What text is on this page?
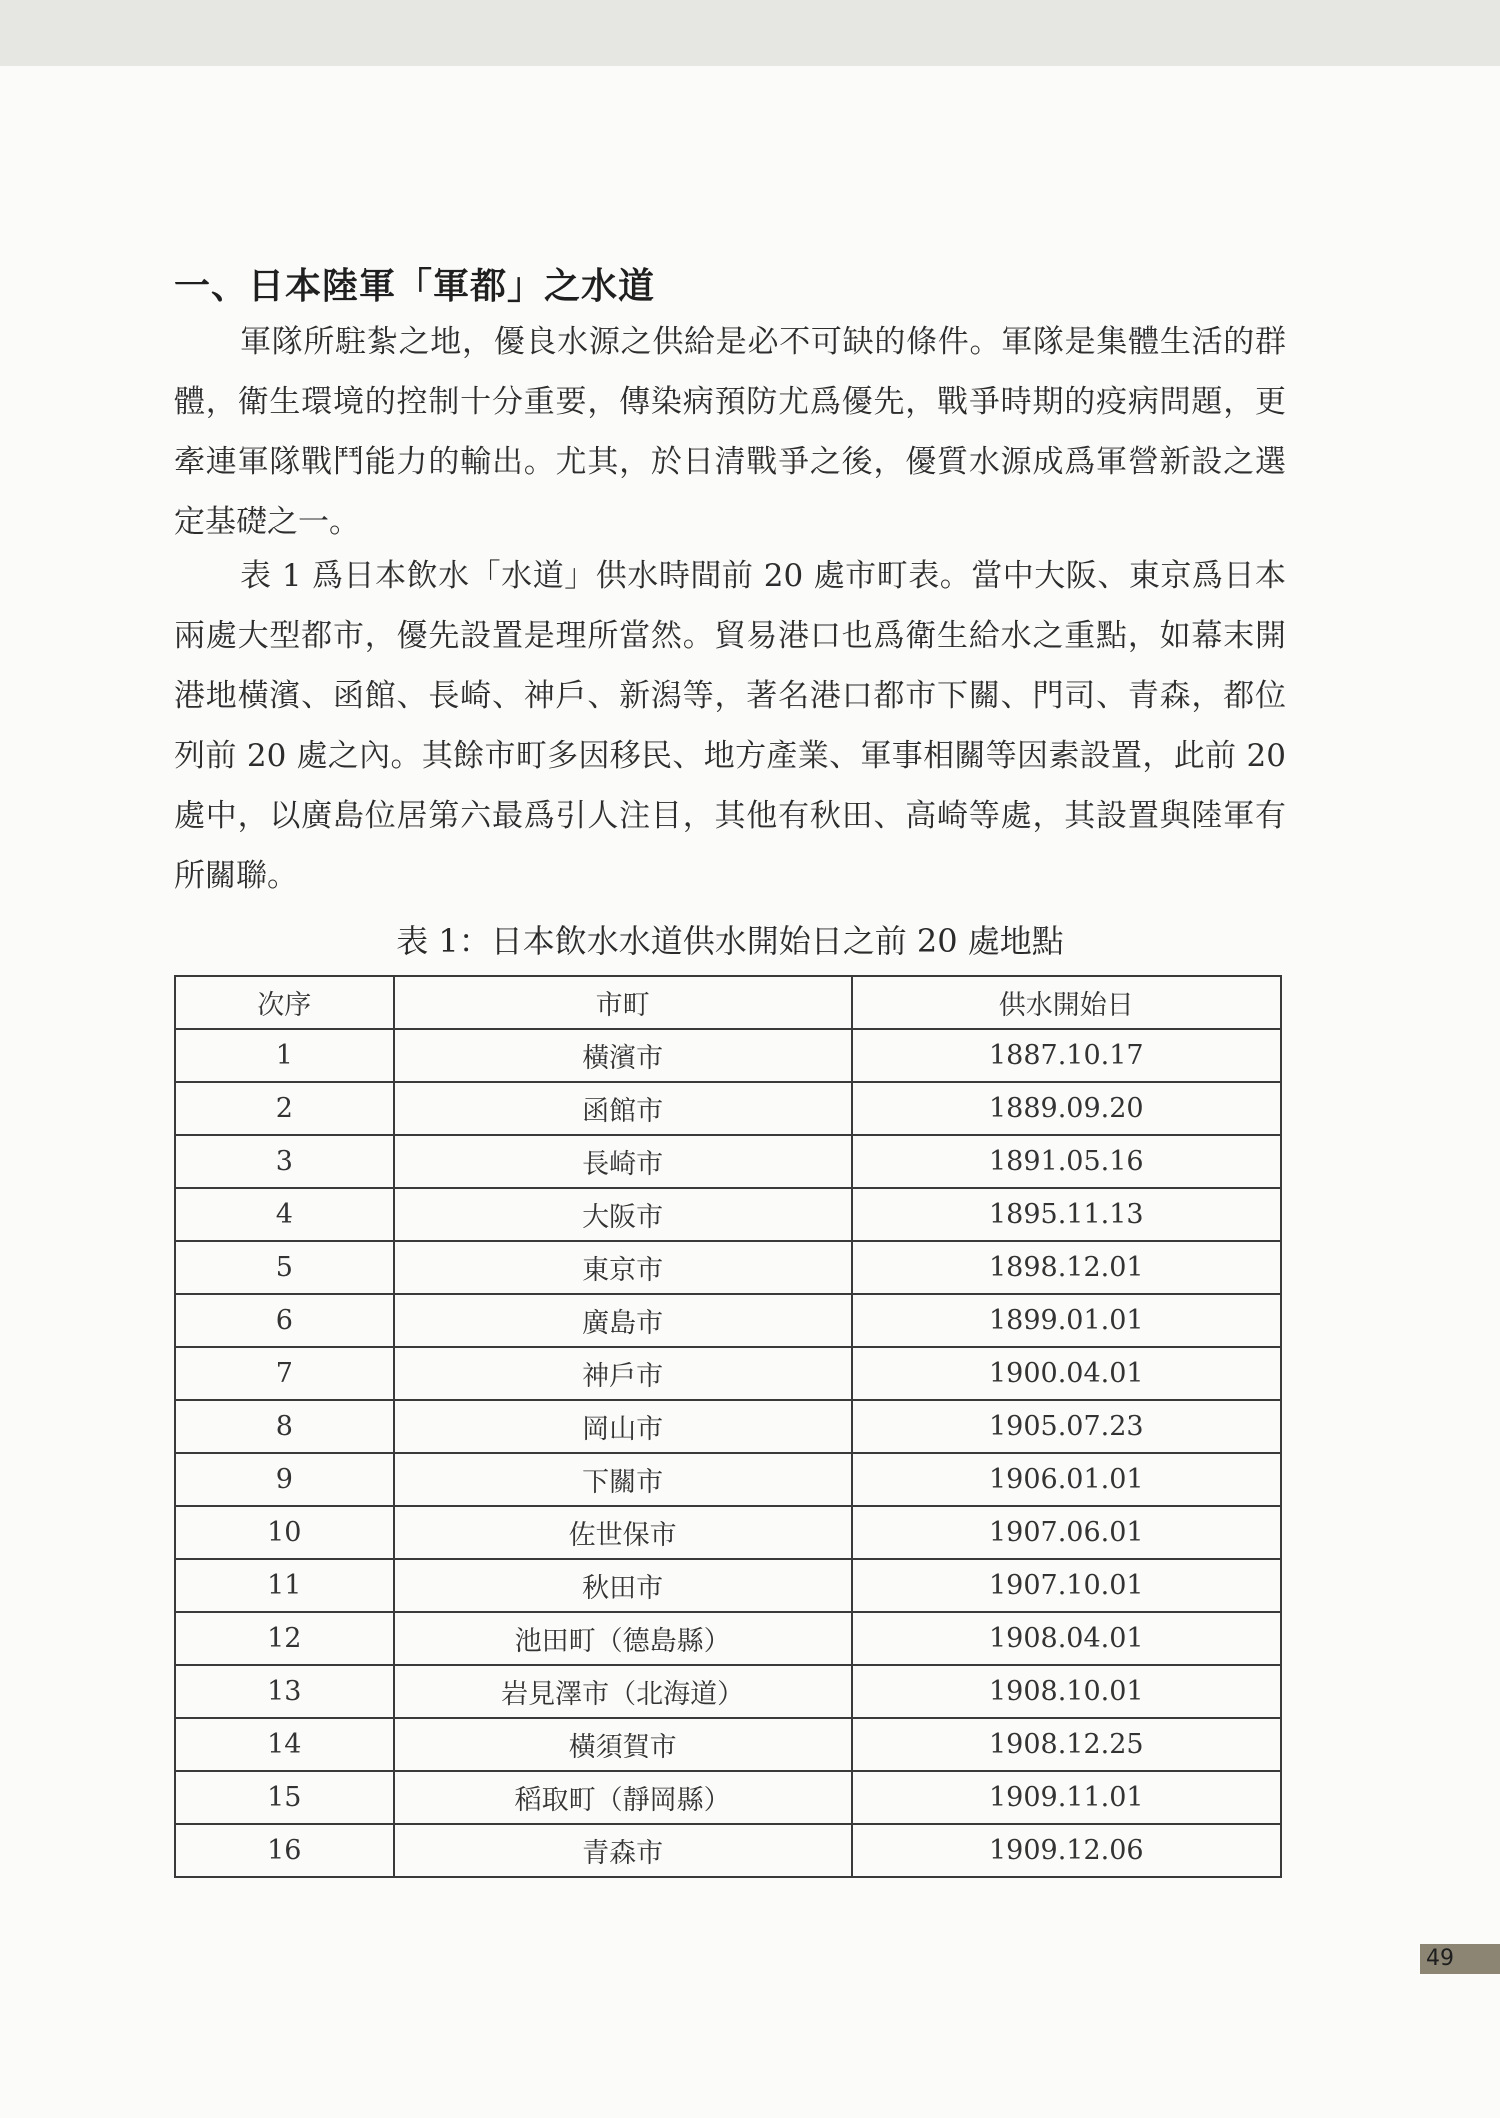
一、日本陸軍「軍都」之水道

軍隊所駐紮之地，優良水源之供給是必不可缺的條件。軍隊是集體生活的群體，衛生環境的控制十分重要，傳染病預防尤爲優先，戰爭時期的疫病問題，更牽連軍隊戰鬥能力的輸出。尤其，於日清戰爭之後，優質水源成爲軍營新設之選定基礎之一。

表 1 爲日本飲水「水道」供水時間前 20 處市町表。當中大阪、東京爲日本兩處大型都市，優先設置是理所當然。貿易港口也爲衛生給水之重點，如幕末開港地橫濱、函館、長崎、神戶、新潟等，著名港口都市下關、門司、青森，都位列前 20 處之內。其餘市町多因移民、地方產業、軍事相關等因素設置，此前 20 處中，以廣島位居第六最爲引人注目，其他有秋田、高崎等處，其設置與陸軍有所關聯。

表 1：日本飲水水道供水開始日之前 20 處地點
次序	市町	供水開始日
1	橫濱市	1887.10.17
2	函館市	1889.09.20
3	長崎市	1891.05.16
4	大阪市	1895.11.13
5	東京市	1898.12.01
6	廣島市	1899.01.01
7	神戶市	1900.04.01
8	岡山市	1905.07.23
9	下關市	1906.01.01
10	佐世保市	1907.06.01
11	秋田市	1907.10.01
12	池田町（德島縣）	1908.04.01
13	岩見澤市（北海道）	1908.10.01
14	橫須賀市	1908.12.25
15	稻取町（靜岡縣）	1909.11.01
16	青森市	1909.12.06
49
